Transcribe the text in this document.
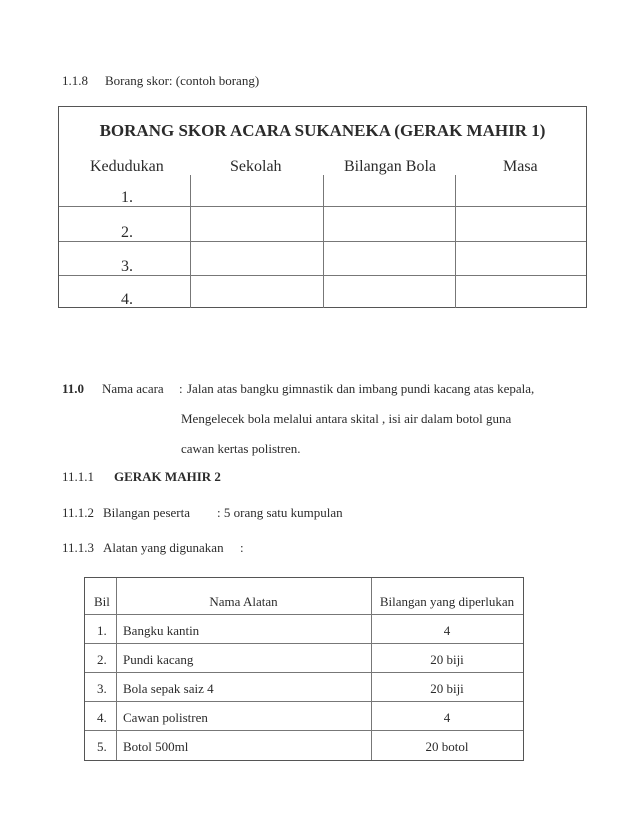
1.1.8 Borang skor: (contoh borang)
BORANG SKOR ACARA SUKANEKA (GERAK MAHIR 1)
Kedudukan	Sekolah	Bilangan Bola	Masa
1.
2.
3.
4.
11.0 Nama acara : Jalan atas bangku gimnastik dan imbang pundi kacang atas kepala,
Mengelecek bola melalui antara skital , isi air dalam botol guna
cawan kertas polistren.
11.1.1 GERAK MAHIR 2
11.1.2 Bilangan peserta : 5 orang satu kumpulan
11.1.3 Alatan yang digunakan :
Bil	Nama Alatan	Bilangan yang diperlukan
1. Bangku kantin	4
2. Pundi kacang	20 biji
3. Bola sepak saiz 4	20 biji
4. Cawan polistren	4
5. Botol 500ml	20 botol
